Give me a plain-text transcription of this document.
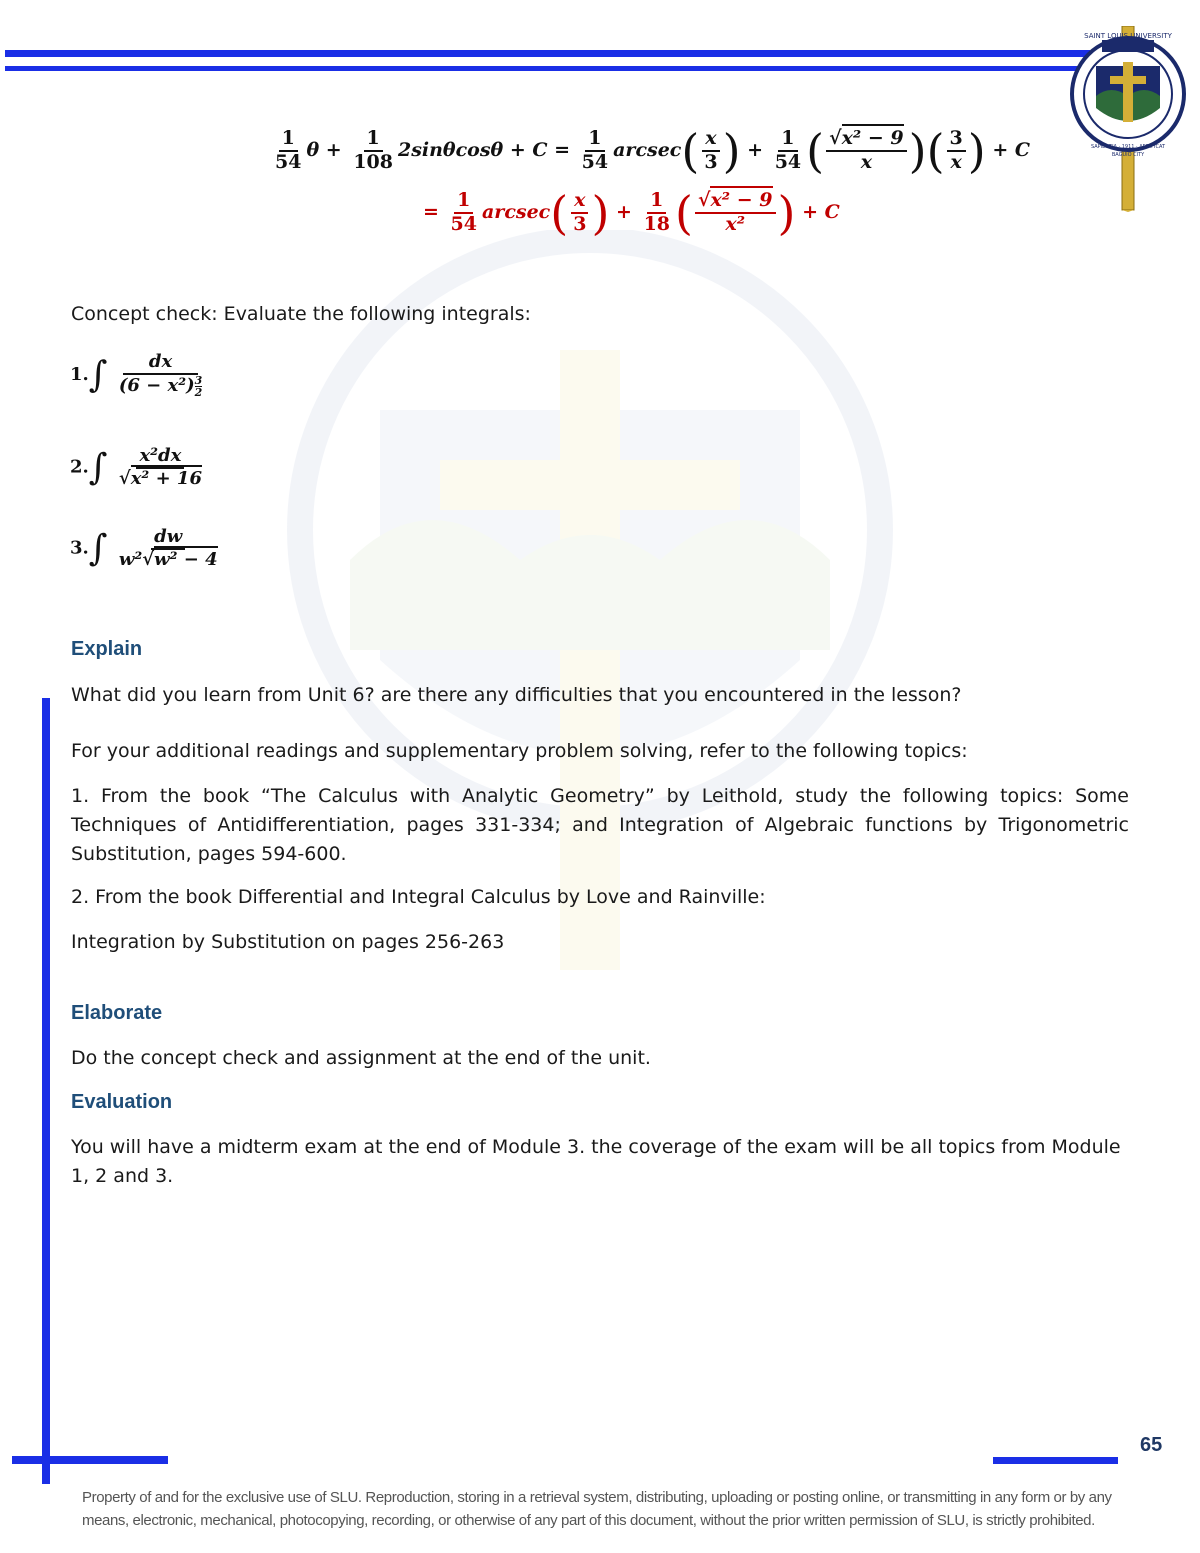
SAINT LOUIS UNIVERSITY
SAPIENTIA · 1911 · AEDIFICAT
BAGUIO CITY
$\frac{1}{54}$ $\theta + \frac{1}{108} 2\sin\theta\cos\theta + C = \frac{1}{54} arcsec( \frac{x}{3}$ ) + $\frac{1}{54}$ ( $\frac{\text{√x² − 9}}{x}$ )( $\frac{3}{x}$ ) + C
= $\frac{1}{54} arcsec( \frac{x}{3}$ ) + $\frac{1}{18}$ ( $\frac{\text{√x² − 9}}{\text{x²}}$ ) + C
Concept check: Evaluate the following integrals:
1.∫ dx
(6 − x²) $^{\frac{3}{2}}$
$2.\int \frac{\text{x²dx}}{\text{√x² + 16}}$
$3.\int \frac{dw}{\text{w²√w² − 4}}$
Explain
What did you learn from Unit 6? are there any difficulties that you encountered in the lesson?
For your additional readings and supplementary problem solving, refer to the following topics:
1. From the book “The Calculus with Analytic Geometry” by Leithold, study the following topics: Some Techniques of Antidifferentiation, pages 331-334; and Integration of Algebraic functions by Trigonometric Substitution, pages 594-600.
2. From the book Differential and Integral Calculus by Love and Rainville:
Integration by Substitution on pages 256-263
Elaborate
Do the concept check and assignment at the end of the unit.
Evaluation
You will have a midterm exam at the end of Module 3. the coverage of the exam will be all topics from Module 1, 2 and 3.
65
Property of and for the exclusive use of SLU. Reproduction, storing in a retrieval system, distributing, uploading or posting online, or transmitting in any form or by any means, electronic, mechanical, photocopying, recording, or otherwise of any part of this document, without the prior written permission of SLU, is strictly prohibited.
